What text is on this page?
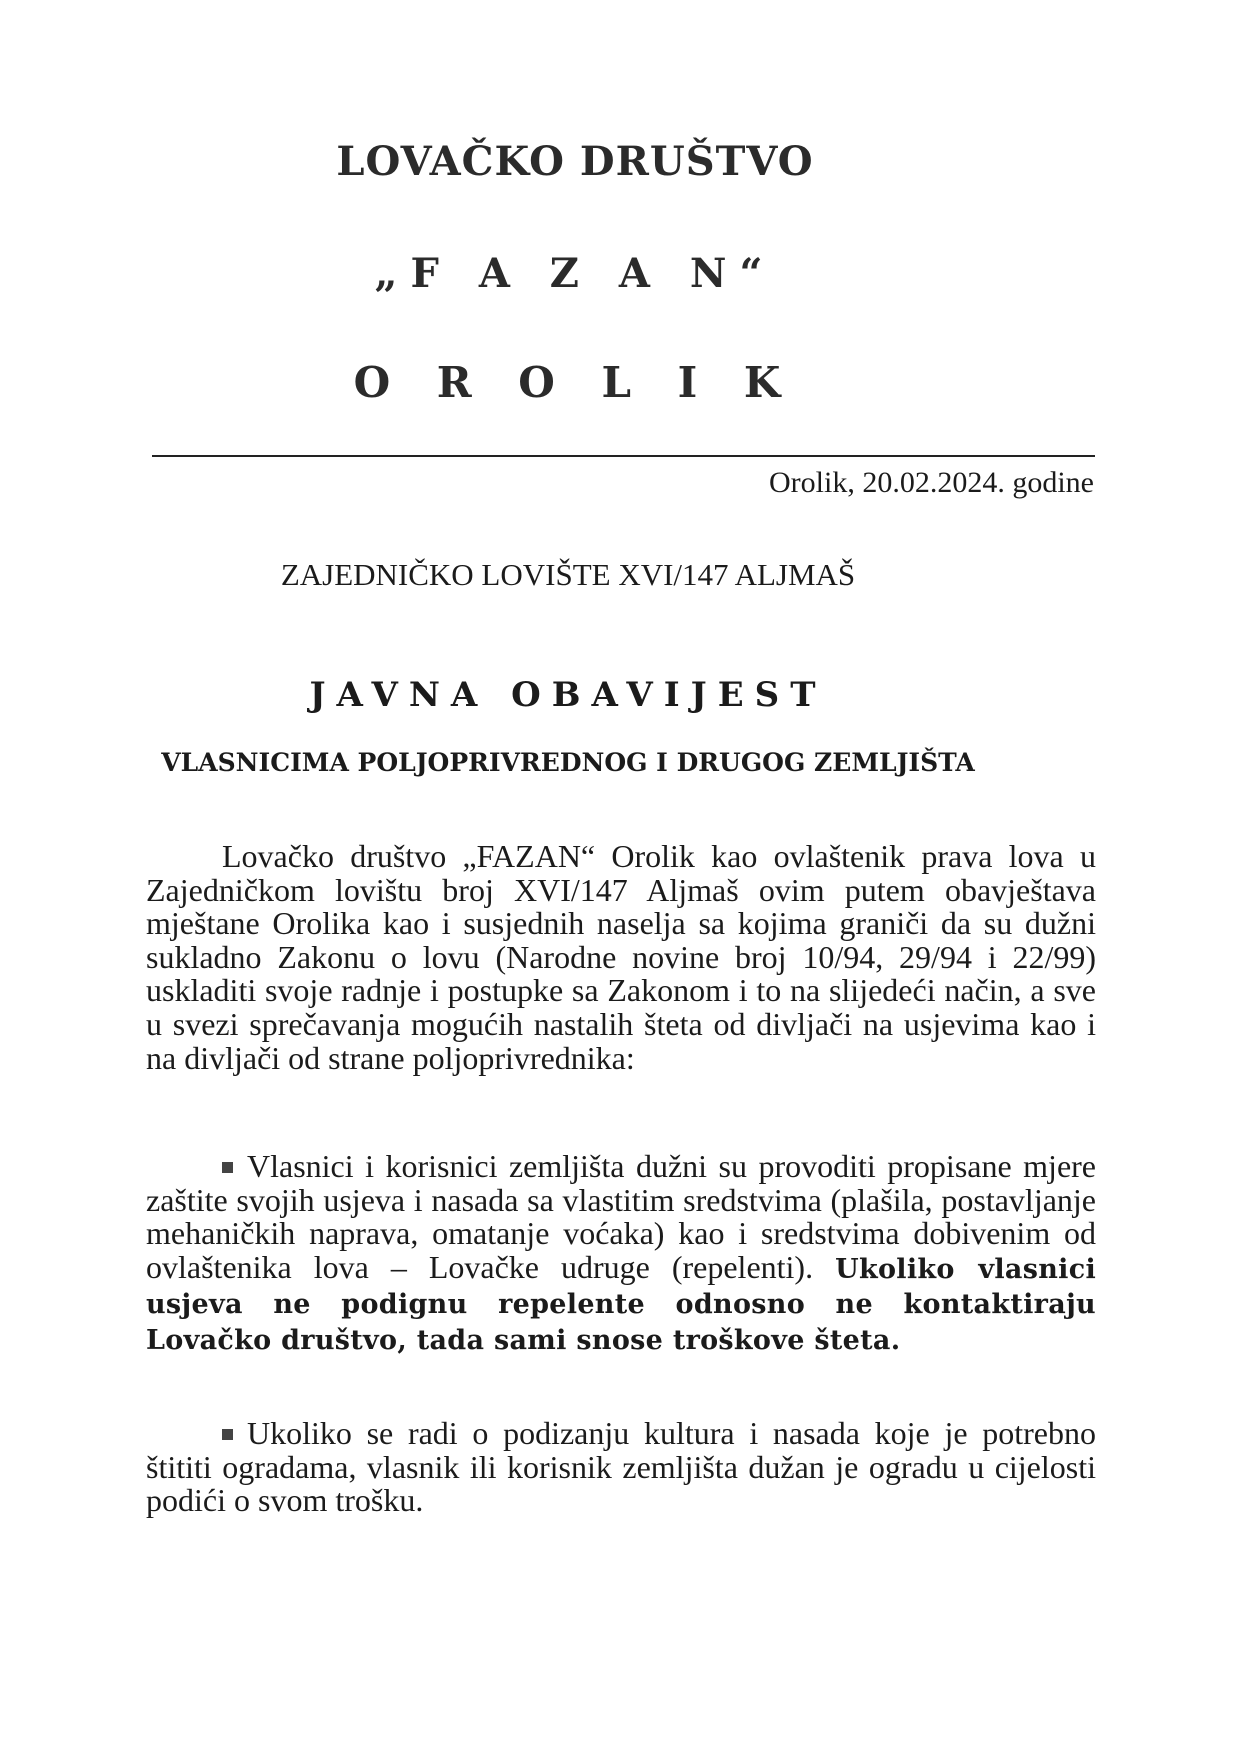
LOVAČKO DRUŠTVO
„F A Z A N“
O R O L I K

Orolik, 20.02.2024. godine

ZAJEDNIČKO LOVIŠTE XVI/147 ALJMAŠ

JAVNA OBAVIJEST
VLASNICIMA POLJOPRIVREDNOG I DRUGOG ZEMLJIŠTA

Lovačko društvo „FAZAN“ Orolik kao ovlaštenik prava lova u Zajedničkom lovištu broj XVI/147 Aljmaš ovim putem obavještava mještane Orolika kao i susjednih naselja sa kojima graniči da su dužni sukladno Zakonu o lovu (Narodne novine broj 10/94, 29/94 i 22/99) uskladiti svoje radnje i postupke sa Zakonom i to na slijedeći način, a sve u svezi sprečavanja mogućih nastalih šteta od divljači na usjevima kao i na divljači od strane poljoprivrednika:

Vlasnici i korisnici zemljišta dužni su provoditi propisane mjere zaštite svojih usjeva i nasada sa vlastitim sredstvima (plašila, postavljanje mehaničkih naprava, omatanje voćaka) kao i sredstvima dobivenim od ovlaštenika lova – Lovačke udruge (repelenti). Ukoliko vlasnici usjeva ne podignu repelente odnosno ne kontaktiraju Lovačko društvo, tada sami snose troškove šteta.

Ukoliko se radi o podizanju kultura i nasada koje je potrebno štititi ogradama, vlasnik ili korisnik zemljišta dužan je ogradu u cijelosti podići o svom trošku.
